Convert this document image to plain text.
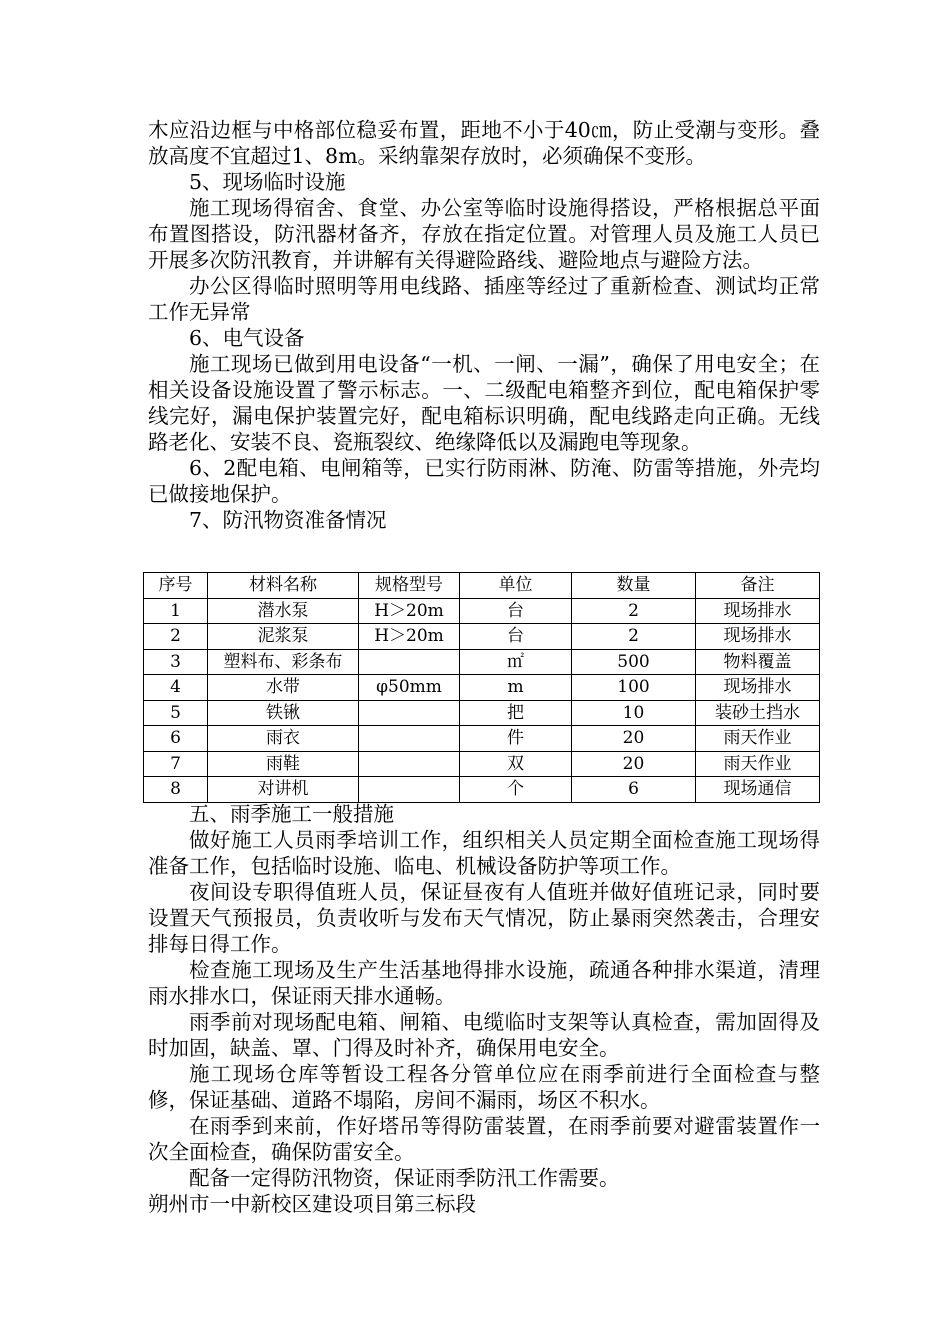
木应沿边框与中格部位稳妥布置，距地不小于40㎝，防止受潮与变形。叠放高度不宜超过1、8m。采纳靠架存放时，必须确保不变形。

5、现场临时设施

施工现场得宿舍、食堂、办公室等临时设施得搭设，严格根据总平面布置图搭设，防汛器材备齐，存放在指定位置。对管理人员及施工人员已开展多次防汛教育，并讲解有关得避险路线、避险地点与避险方法。

办公区得临时照明等用电线路、插座等经过了重新检查、测试均正常工作无异常

6、电气设备

施工现场已做到用电设备“一机、一闸、一漏”，确保了用电安全；在相关设备设施设置了警示标志。一、二级配电箱整齐到位，配电箱保护零线完好，漏电保护装置完好，配电箱标识明确，配电线路走向正确。无线路老化、安装不良、瓷瓶裂纹、绝缘降低以及漏跑电等现象。

6、2配电箱、电闸箱等，已实行防雨淋、防淹、防雷等措施，外壳均已做接地保护。

7、防汛物资准备情况

序号	材料名称	规格型号	单位	数量	备注
1	潜水泵	H＞20m	台	2	现场排水
2	泥浆泵	H＞20m	台	2	现场排水
3	塑料布、彩条布		㎡	500	物料覆盖
4	水带	φ50mm	m	100	现场排水
5	铁锹		把	10	装砂土挡水
6	雨衣		件	20	雨天作业
7	雨鞋		双	20	雨天作业
8	对讲机		个	6	现场通信

五、雨季施工一般措施

做好施工人员雨季培训工作，组织相关人员定期全面检查施工现场得准备工作，包括临时设施、临电、机械设备防护等项工作。

夜间设专职得值班人员，保证昼夜有人值班并做好值班记录，同时要设置天气预报员，负责收听与发布天气情况，防止暴雨突然袭击，合理安排每日得工作。

检查施工现场及生产生活基地得排水设施，疏通各种排水渠道，清理雨水排水口，保证雨天排水通畅。

雨季前对现场配电箱、闸箱、电缆临时支架等认真检查，需加固得及时加固，缺盖、罩、门得及时补齐，确保用电安全。

施工现场仓库等暂设工程各分管单位应在雨季前进行全面检查与整修，保证基础、道路不塌陷，房间不漏雨，场区不积水。

在雨季到来前，作好塔吊等得防雷装置，在雨季前要对避雷装置作一次全面检查，确保防雷安全。

配备一定得防汛物资，保证雨季防汛工作需要。

朔州市一中新校区建设项目第三标段
